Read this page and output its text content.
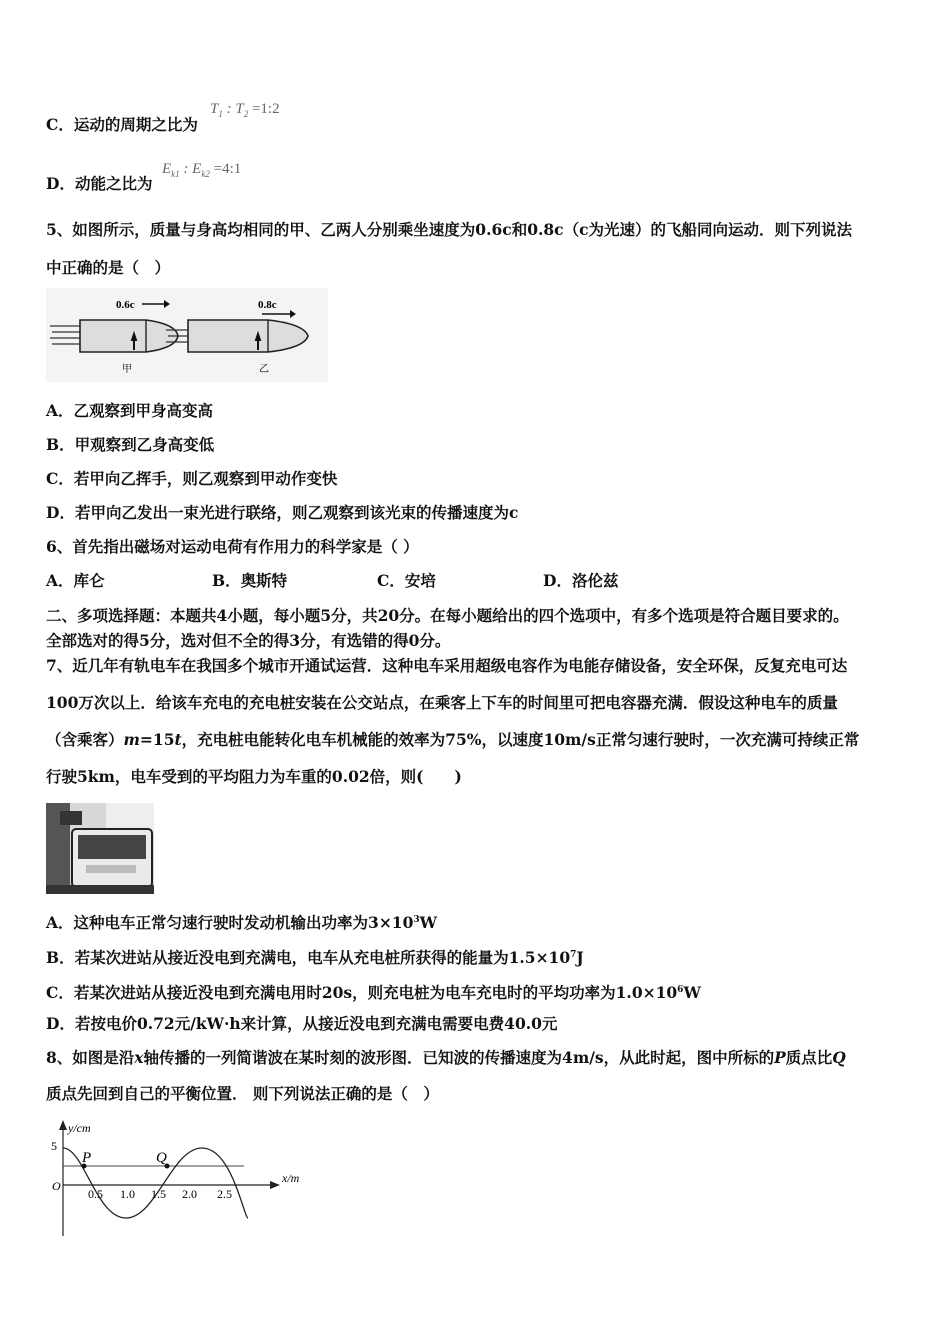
C．运动的周期之比为
$T_1$ : $T_2$ =1:2
D．动能之比为
$E_{k1}$ : $E_{k2}$ =4:1
5、如图所示，质量与身高均相同的甲、乙两人分别乘坐速度为0.6c和0.8c（c为光速）的飞船同向运动．则下列说法
中正确的是（　）
0.6c
甲
0.8c
乙
A．乙观察到甲身高变高
B．甲观察到乙身高变低
C．若甲向乙挥手，则乙观察到甲动作变快
D．若甲向乙发出一束光进行联络，则乙观察到该光束的传播速度为c
6、首先指出磁场对运动电荷有作用力的科学家是（ ）
A．库仑	B．奥斯特	C．安培	D．洛伦兹
二、多项选择题：本题共4小题，每小题5分，共20分。在每小题给出的四个选项中，有多个选项是符合题目要求的。
全部选对的得5分，选对但不全的得3分，有选错的得0分。
7、近几年有轨电车在我国多个城市开通试运营．这种电车采用超级电容作为电能存储设备，安全环保，反复充电可达
100万次以上．给该车充电的充电桩安装在公交站点，在乘客上下车的时间里可把电容器充满．假设这种电车的质量
（含乘客）m=15t，充电桩电能转化电车机械能的效率为75%，以速度10m/s正常匀速行驶时，一次充满可持续正常
行驶5km，电车受到的平均阻力为车重的0.02倍，则(　　)
A．这种电车正常匀速行驶时发动机输出功率为$3\times 10^3W$
B．若某次进站从接近没电到充满电，电车从充电桩所获得的能量为$1.5\times 10^7J$
C．若某次进站从接近没电到充满电用时20s，则充电桩为电车充电时的平均功率为$1.0\times 10^6W$
D．若按电价0.72元/kW·h来计算，从接近没电到充满电需要电费40.0元
8、如图是沿x轴传播的一列简谐波在某时刻的波形图．已知波的传播速度为4m/s，从此时起，图中所标的P质点比Q
质点先回到自己的平衡位置． 则下列说法正确的是（　）
P	Q
y/cm
x/m
5
O
0.5 1.0 1.5 2.0 2.5
